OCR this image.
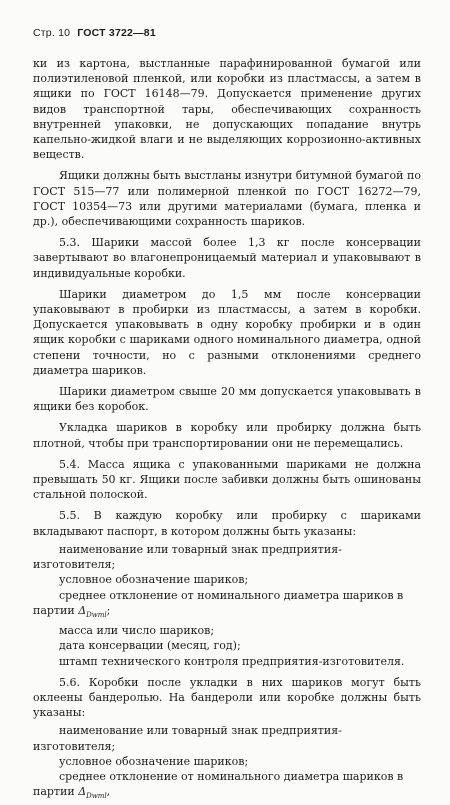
Стр. 10 ГОСТ 3722—81

ки из картона, выстланные парафинированной бумагой или полиэтиленовой пленкой, или коробки из пластмассы, а затем в ящики по ГОСТ 16148—79. Допускается применение других видов транспортной тары, обеспечивающих сохранность внутренней упаковки, не допускающих попадание внутрь капельно-жидкой влаги и не выделяющих коррозионно-активных веществ.

Ящики должны быть выстланы изнутри битумной бумагой по ГОСТ 515—77 или полимерной пленкой по ГОСТ 16272—79, ГОСТ 10354—73 или другими материалами (бумага, пленка и др.), обеспечивающими сохранность шариков.

5.3. Шарики массой более 1,3 кг после консервации завертывают во влагонепроницаемый материал и упаковывают в индивидуальные коробки.

Шарики диаметром до 1,5 мм после консервации упаковывают в пробирки из пластмассы, а затем в коробки. Допускается упаковывать в одну коробку пробирки и в один ящик коробки с шариками одного номинального диаметра, одной степени точности, но с разными отклонениями среднего диаметра шариков.

Шарики диаметром свыше 20 мм допускается упаковывать в ящики без коробок.

Укладка шариков в коробку или пробирку должна быть плотной, чтобы при транспортировании они не перемещались.

5.4. Масса ящика с упакованными шариками не должна превышать 50 кг. Ящики после забивки должны быть ошинованы стальной полоской.

5.5. В каждую коробку или пробирку с шариками вкладывают паспорт, в котором должны быть указаны:

наименование или товарный знак предприятия-изготовителя;

условное обозначение шариков;

среднее отклонение от номинального диаметра шариков в партии $\Delta_{Dwml}$;

масса или число шариков;

дата консервации (месяц, год);

штамп технического контроля предприятия-изготовителя.

5.6. Коробки после укладки в них шариков могут быть оклеены бандеролью. На бандероли или коробке должны быть указаны:

наименование или товарный знак предприятия-изготовителя;

условное обозначение шариков;

среднее отклонение от номинального диаметра шариков в партии $\Delta_{Dwml}$,
